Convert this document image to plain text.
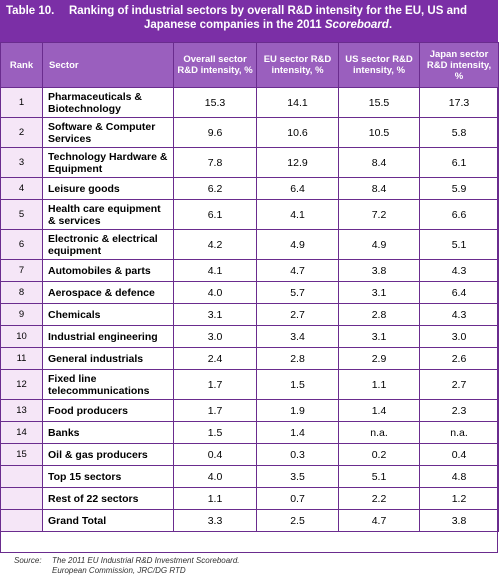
Table 10. Ranking of industrial sectors by overall R&D intensity for the EU, US and Japanese companies in the 2011 Scoreboard.
Rank	Sector	Overall sector R&D intensity, %	EU sector R&D intensity, %	US sector R&D intensity, %	Japan sector R&D intensity, %
1	Pharmaceuticals & Biotechnology	15.3	14.1	15.5	17.3
2	Software & Computer Services	9.6	10.6	10.5	5.8
3	Technology Hardware & Equipment	7.8	12.9	8.4	6.1
4	Leisure goods	6.2	6.4	8.4	5.9
5	Health care equipment & services	6.1	4.1	7.2	6.6
6	Electronic & electrical equipment	4.2	4.9	4.9	5.1
7	Automobiles & parts	4.1	4.7	3.8	4.3
8	Aerospace & defence	4.0	5.7	3.1	6.4
9	Chemicals	3.1	2.7	2.8	4.3
10	Industrial engineering	3.0	3.4	3.1	3.0
11	General industrials	2.4	2.8	2.9	2.6
12	Fixed line telecommunications	1.7	1.5	1.1	2.7
13	Food producers	1.7	1.9	1.4	2.3
14	Banks	1.5	1.4	n.a.	n.a.
15	Oil & gas producers	0.4	0.3	0.2	0.4
	Top 15 sectors	4.0	3.5	5.1	4.8
	Rest of 22 sectors	1.1	0.7	2.2	1.2
	Grand Total	3.3	2.5	4.7	3.8
Source: The 2011 EU Industrial R&D Investment Scoreboard.
European Commission, JRC/DG RTD
